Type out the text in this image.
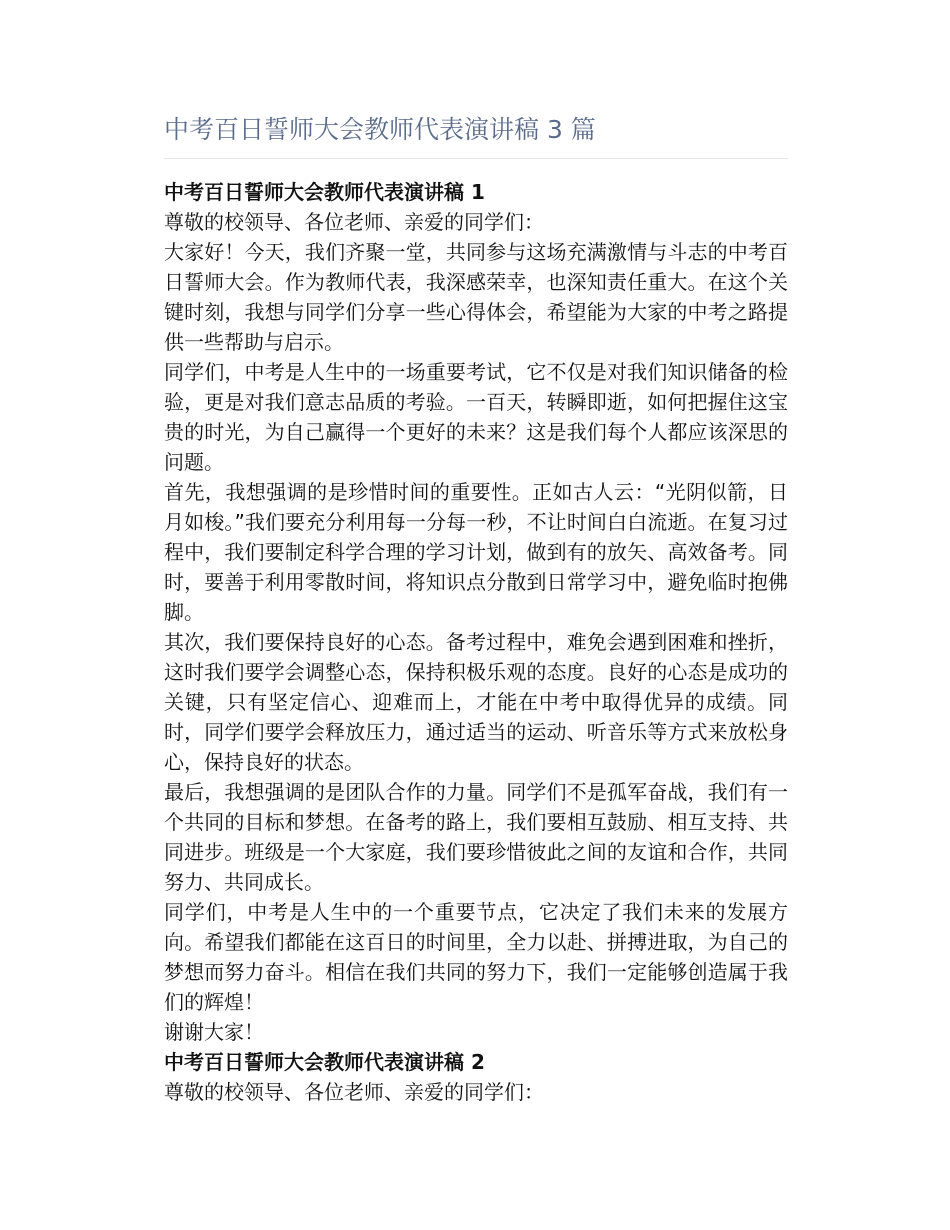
中考百日誓师大会教师代表演讲稿 3 篇
中考百日誓师大会教师代表演讲稿 1

尊敬的校领导、各位老师、亲爱的同学们：

大家好！今天，我们齐聚一堂，共同参与这场充满激情与斗志的中考百日誓师大会。作为教师代表，我深感荣幸，也深知责任重大。在这个关键时刻，我想与同学们分享一些心得体会，希望能为大家的中考之路提供一些帮助与启示。

同学们，中考是人生中的一场重要考试，它不仅是对我们知识储备的检验，更是对我们意志品质的考验。一百天，转瞬即逝，如何把握住这宝贵的时光，为自己赢得一个更好的未来？这是我们每个人都应该深思的问题。

首先，我想强调的是珍惜时间的重要性。正如古人云：“光阴似箭，日月如梭。”我们要充分利用每一分每一秒，不让时间白白流逝。在复习过程中，我们要制定科学合理的学习计划，做到有的放矢、高效备考。同时，要善于利用零散时间，将知识点分散到日常学习中，避免临时抱佛脚。

其次，我们要保持良好的心态。备考过程中，难免会遇到困难和挫折，这时我们要学会调整心态，保持积极乐观的态度。良好的心态是成功的关键，只有坚定信心、迎难而上，才能在中考中取得优异的成绩。同时，同学们要学会释放压力，通过适当的运动、听音乐等方式来放松身心，保持良好的状态。

最后，我想强调的是团队合作的力量。同学们不是孤军奋战，我们有一个共同的目标和梦想。在备考的路上，我们要相互鼓励、相互支持、共同进步。班级是一个大家庭，我们要珍惜彼此之间的友谊和合作，共同努力、共同成长。

同学们，中考是人生中的一个重要节点，它决定了我们未来的发展方向。希望我们都能在这百日的时间里，全力以赴、拼搏进取，为自己的梦想而努力奋斗。相信在我们共同的努力下，我们一定能够创造属于我们的辉煌！

谢谢大家！

中考百日誓师大会教师代表演讲稿 2

尊敬的校领导、各位老师、亲爱的同学们：
